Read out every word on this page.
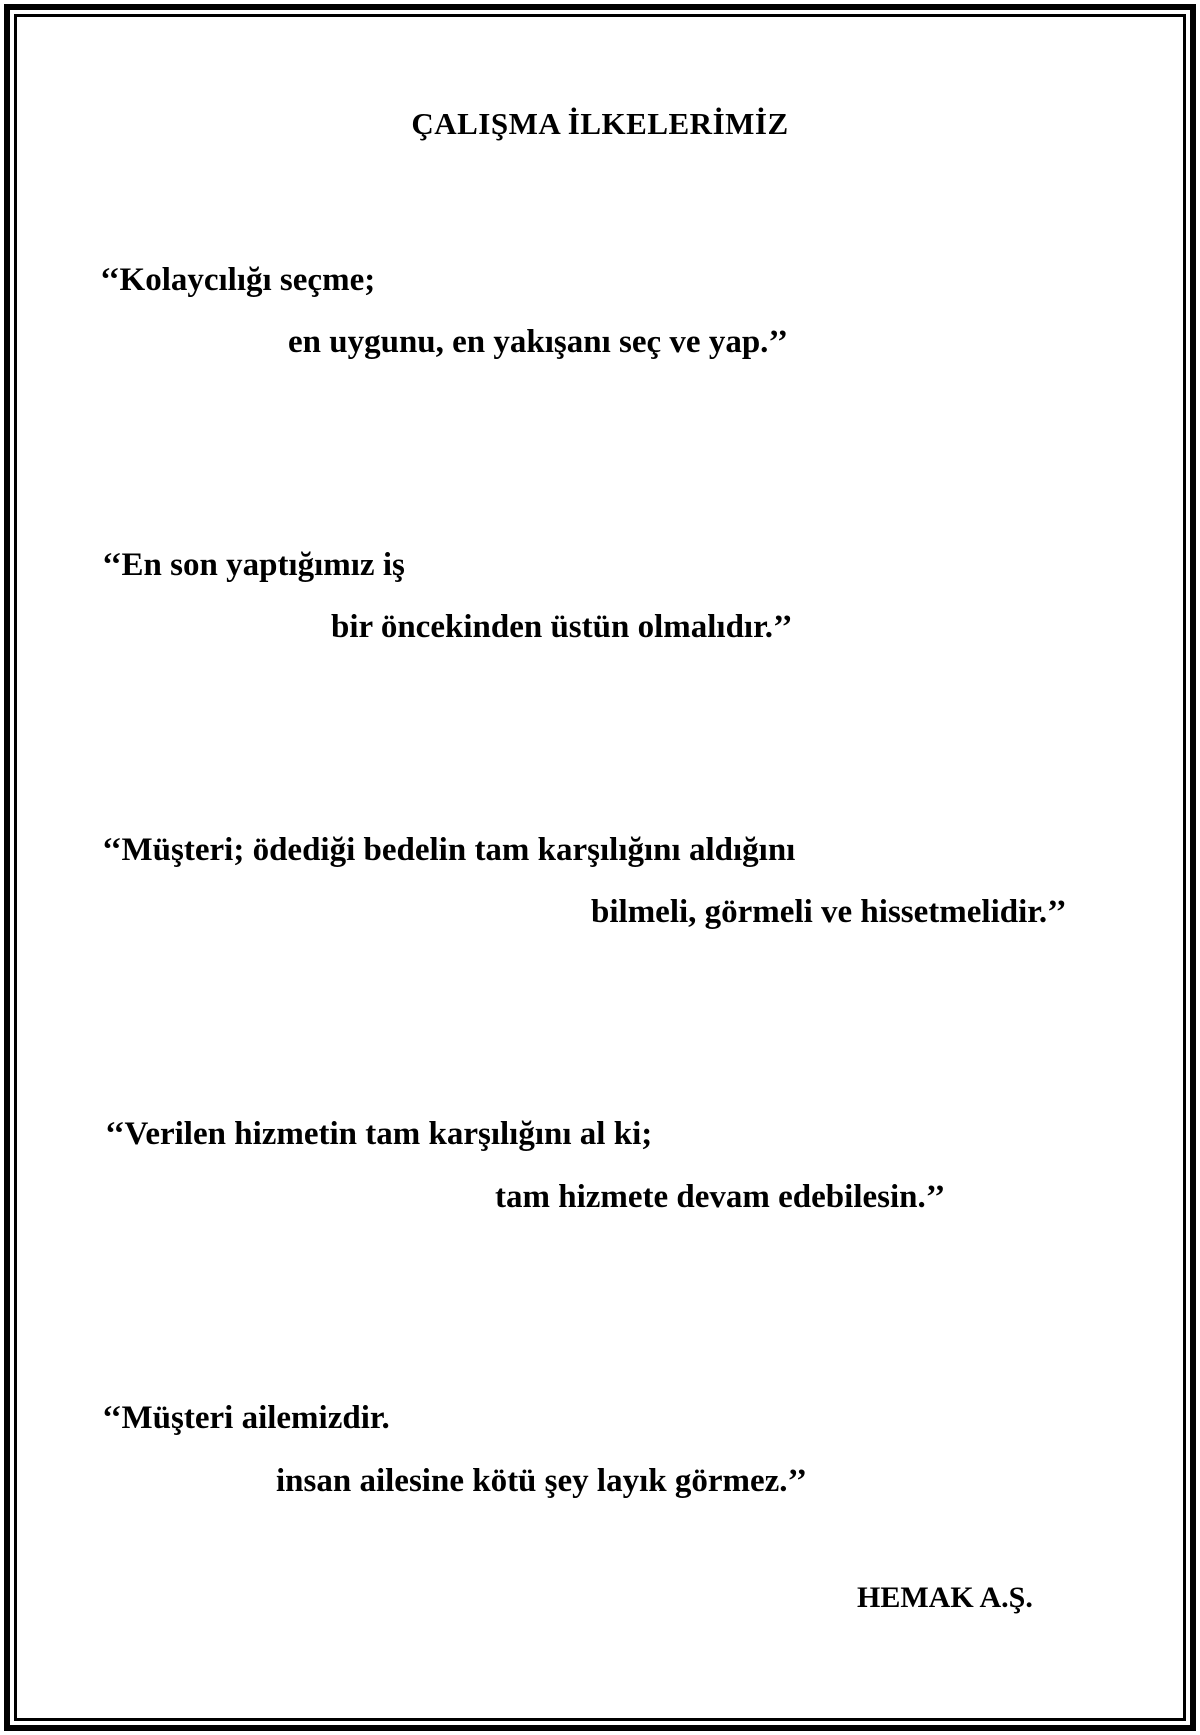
ÇALIŞMA İLKELERİMİZ

‘‘Kolaycılığı seçme;

en uygunu, en yakışanı seç ve yap.’’

‘‘En son yaptığımız iş

bir öncekinden üstün olmalıdır.’’

‘‘Müşteri; ödediği bedelin tam karşılığını aldığını

bilmeli, görmeli ve hissetmelidir.’’

‘‘Verilen hizmetin tam karşılığını al ki;

tam hizmete devam edebilesin.’’

‘‘Müşteri ailemizdir.

insan ailesine kötü şey layık görmez.’’

HEMAK A.Ş.
